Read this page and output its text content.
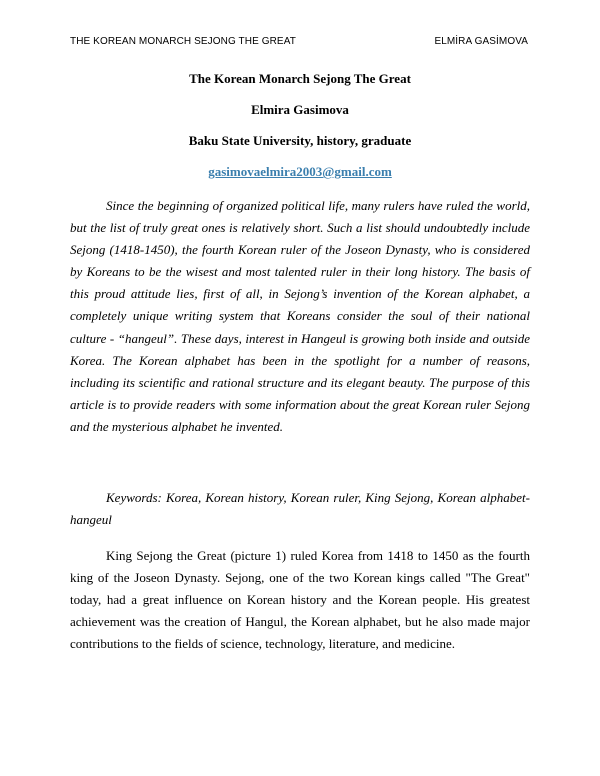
THE KOREAN MONARCH SEJONG THE GREAT	ELMİRA GASİMOVA
The Korean Monarch Sejong The Great
Elmira Gasimova
Baku State University, history, graduate
gasimovaelmira2003@gmail.com

Since the beginning of organized political life, many rulers have ruled the world, but the list of truly great ones is relatively short. Such a list should undoubtedly include Sejong (1418-1450), the fourth Korean ruler of the Joseon Dynasty, who is considered by Koreans to be the wisest and most talented ruler in their long history. The basis of this proud attitude lies, first of all, in Sejong’s invention of the Korean alphabet, a completely unique writing system that Koreans consider the soul of their national culture - “hangeul”. These days, interest in Hangeul is growing both inside and outside Korea. The Korean alphabet has been in the spotlight for a number of reasons, including its scientific and rational structure and its elegant beauty. The purpose of this article is to provide readers with some information about the great Korean ruler Sejong and the mysterious alphabet he invented.

Keywords: Korea, Korean history, Korean ruler, King Sejong, Korean alphabet-hangeul

King Sejong the Great (picture 1) ruled Korea from 1418 to 1450 as the fourth king of the Joseon Dynasty. Sejong, one of the two Korean kings called "The Great" today, had a great influence on Korean history and the Korean people. His greatest achievement was the creation of Hangul, the Korean alphabet, but he also made major contributions to the fields of science, technology, literature, and medicine.
